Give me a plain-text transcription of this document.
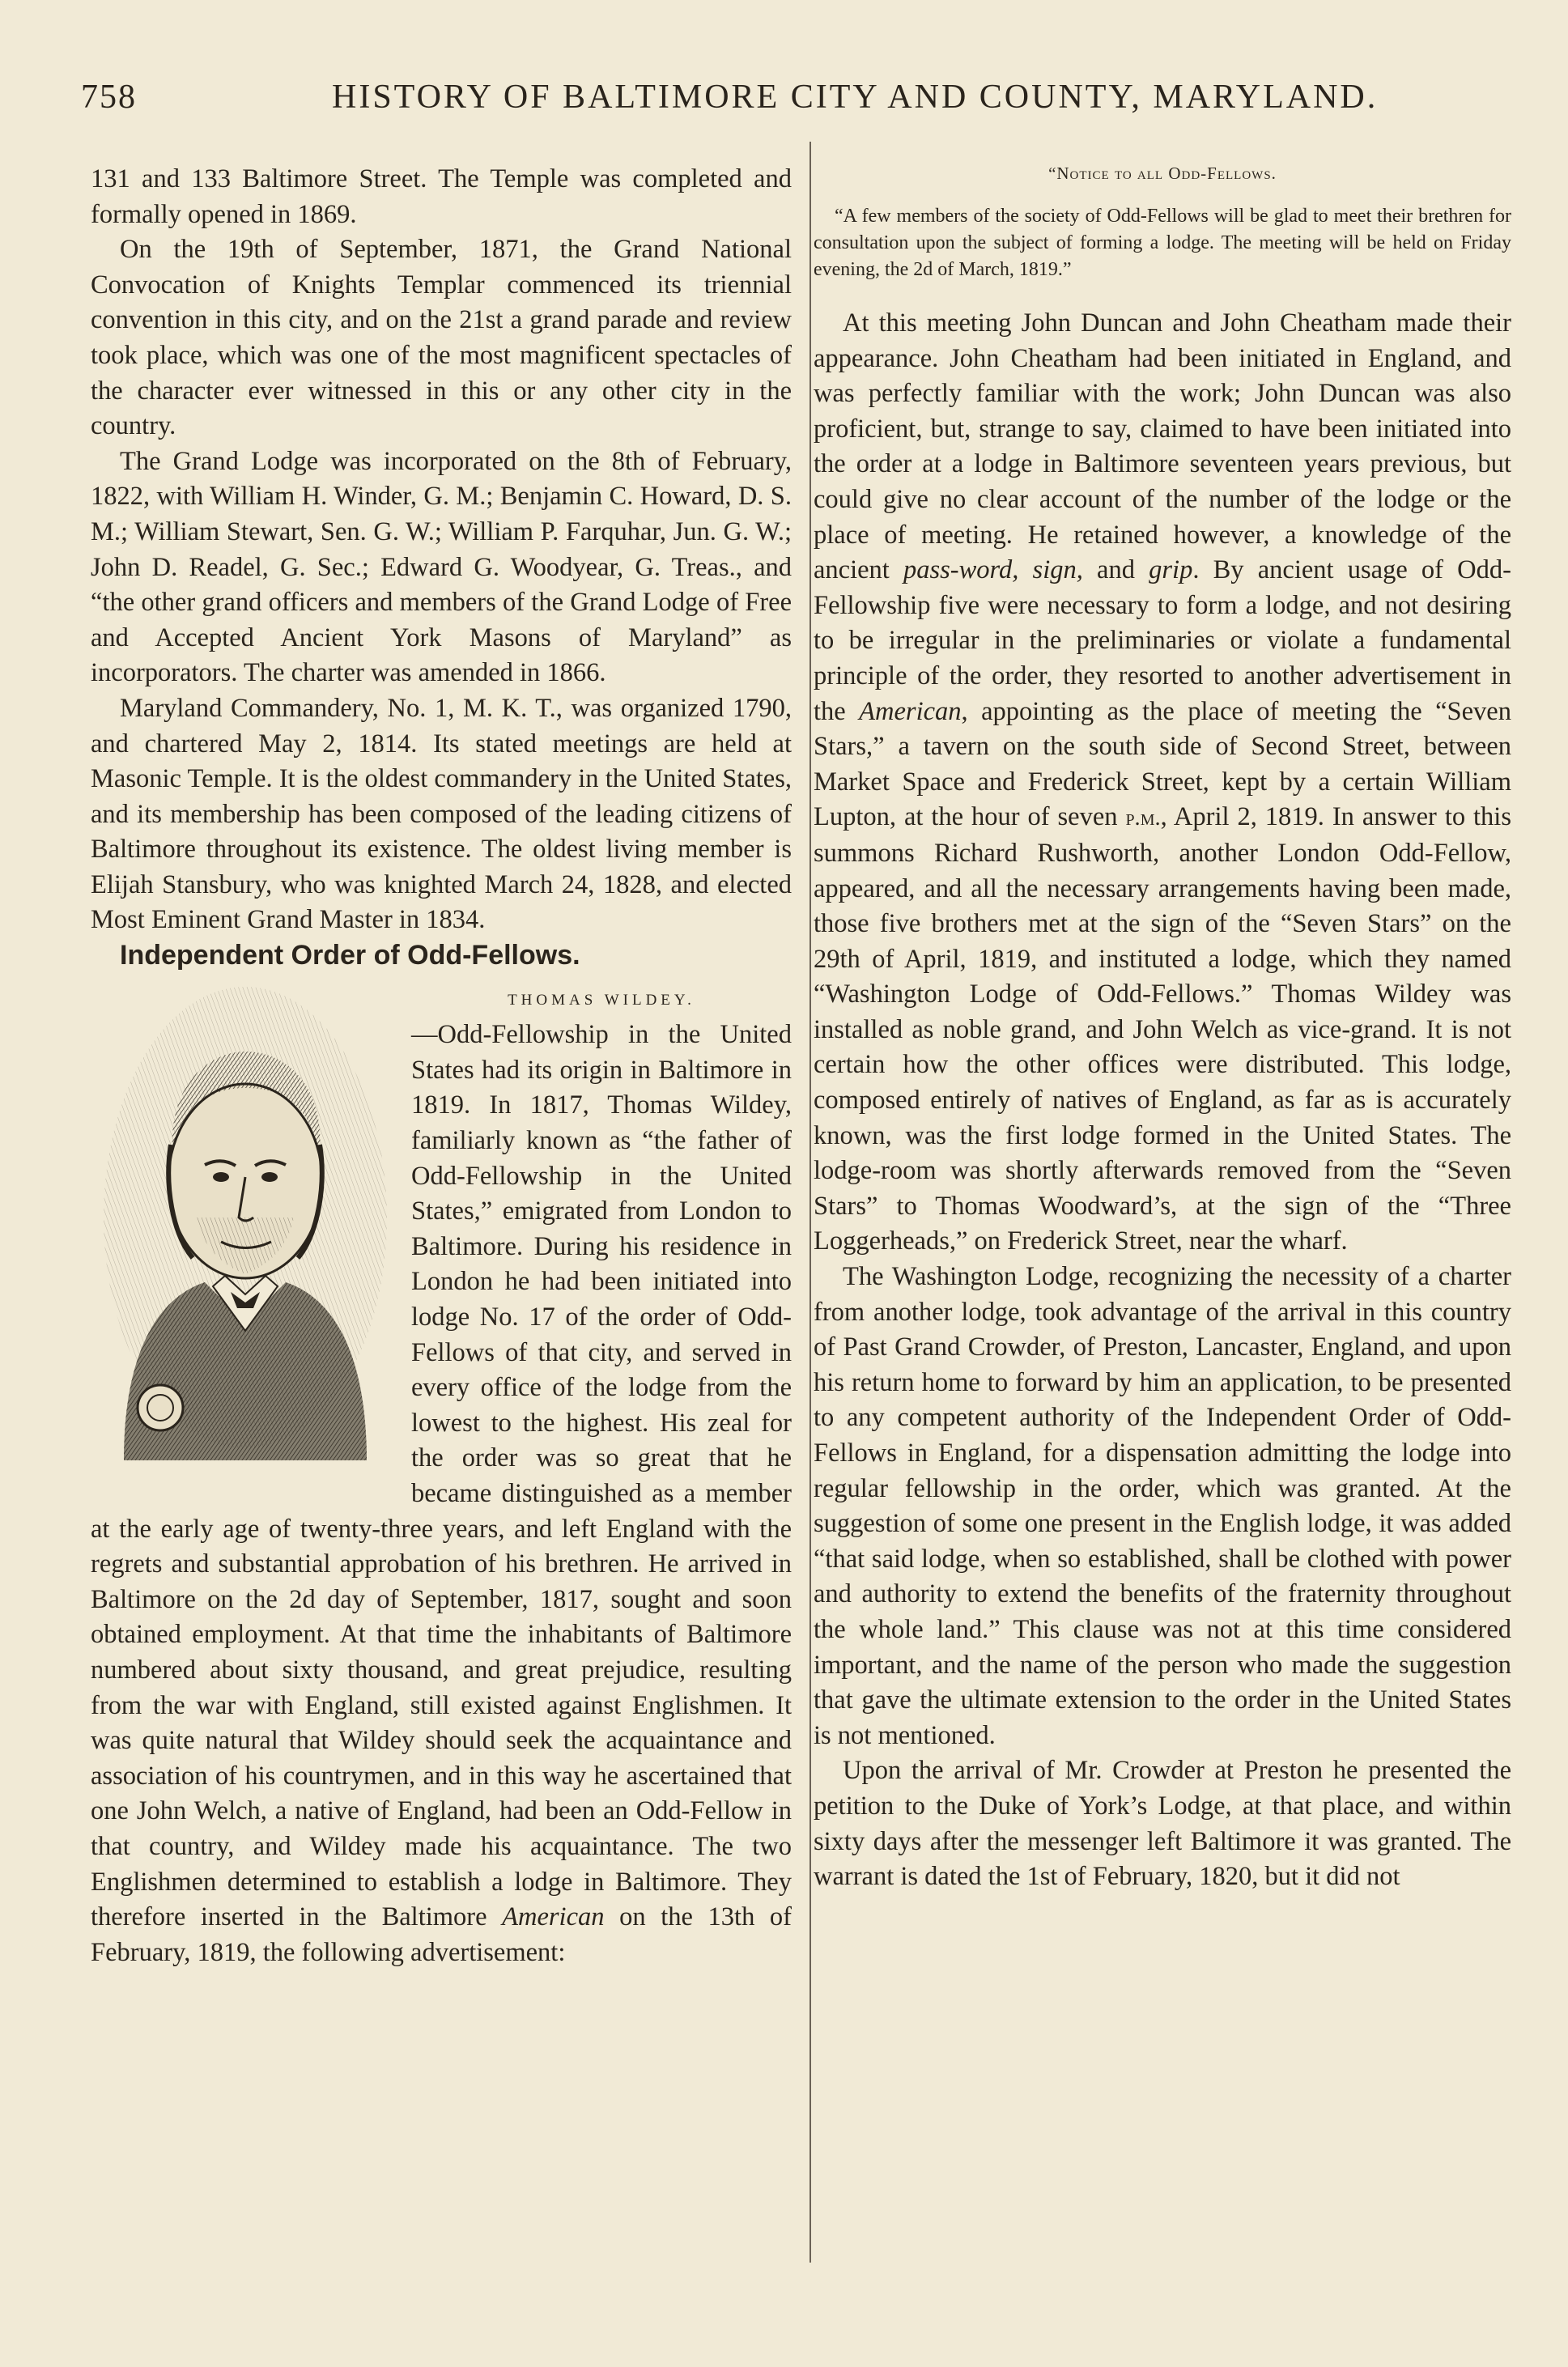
758	HISTORY OF BALTIMORE CITY AND COUNTY, MARYLAND.

131 and 133 Baltimore Street. The Temple was completed and formally opened in 1869.

On the 19th of September, 1871, the Grand National Convocation of Knights Templar commenced its triennial convention in this city, and on the 21st a grand parade and review took place, which was one of the most magnificent spectacles of the character ever witnessed in this or any other city in the country.

The Grand Lodge was incorporated on the 8th of February, 1822, with William H. Winder, G. M.; Benjamin C. Howard, D. S. M.; William Stewart, Sen. G. W.; William P. Farquhar, Jun. G. W.; John D. Readel, G. Sec.; Edward G. Woodyear, G. Treas., and “the other grand officers and members of the Grand Lodge of Free and Accepted Ancient York Masons of Maryland” as incorporators. The charter was amended in 1866.

Maryland Commandery, No. 1, M. K. T., was organized 1790, and chartered May 2, 1814. Its stated meetings are held at Masonic Temple. It is the oldest commandery in the United States, and its membership has been composed of the leading citizens of Baltimore throughout its existence. The oldest living member is Elijah Stansbury, who was knighted March 24, 1828, and elected Most Eminent Grand Master in 1834.

Independent Order of Odd-Fellows.

THOMAS WILDEY.
—Odd-Fellowship in the United States had its origin in Baltimore in 1819. In 1817, Thomas Wildey, familiarly known as “the father of Odd-Fellowship in the United States,” emigrated from London to Baltimore. During his residence in London he had been initiated into lodge No. 17 of the order of Odd-Fellows of that city, and served in every office of the lodge from the lowest to the highest. His zeal for the order was so great that he became distinguished as a member at the early age of twenty-three years, and left England with the regrets and substantial approbation of his brethren. He arrived in Baltimore on the 2d day of September, 1817, sought and soon obtained employment. At that time the inhabitants of Baltimore numbered about sixty thousand, and great prejudice, resulting from the war with England, still existed against Englishmen. It was quite natural that Wildey should seek the acquaintance and association of his countrymen, and in this way he ascertained that one John Welch, a native of England, had been an Odd-Fellow in that country, and Wildey made his acquaintance. The two Englishmen determined to establish a lodge in Baltimore. They therefore inserted in the Baltimore American on the 13th of February, 1819, the following advertisement:

“Notice to all Odd-Fellows.

“A few members of the society of Odd-Fellows will be glad to meet their brethren for consultation upon the subject of forming a lodge. The meeting will be held on Friday evening, the 2d of March, 1819.”

At this meeting John Duncan and John Cheatham made their appearance. John Cheatham had been initiated in England, and was perfectly familiar with the work; John Duncan was also proficient, but, strange to say, claimed to have been initiated into the order at a lodge in Baltimore seventeen years previous, but could give no clear account of the number of the lodge or the place of meeting. He retained however, a knowledge of the ancient pass-word, sign, and grip. By ancient usage of Odd-Fellowship five were necessary to form a lodge, and not desiring to be irregular in the preliminaries or violate a fundamental principle of the order, they resorted to another advertisement in the American, appointing as the place of meeting the “Seven Stars,” a tavern on the south side of Second Street, between Market Space and Frederick Street, kept by a certain William Lupton, at the hour of seven p.m., April 2, 1819. In answer to this summons Richard Rushworth, another London Odd-Fellow, appeared, and all the necessary arrangements having been made, those five brothers met at the sign of the “Seven Stars” on the 29th of April, 1819, and instituted a lodge, which they named “Washington Lodge of Odd-Fellows.” Thomas Wildey was installed as noble grand, and John Welch as vice-grand. It is not certain how the other offices were distributed. This lodge, composed entirely of natives of England, as far as is accurately known, was the first lodge formed in the United States. The lodge-room was shortly afterwards removed from the “Seven Stars” to Thomas Woodward’s, at the sign of the “Three Loggerheads,” on Frederick Street, near the wharf.

The Washington Lodge, recognizing the necessity of a charter from another lodge, took advantage of the arrival in this country of Past Grand Crowder, of Preston, Lancaster, England, and upon his return home to forward by him an application, to be presented to any competent authority of the Independent Order of Odd-Fellows in England, for a dispensation admitting the lodge into regular fellowship in the order, which was granted. At the suggestion of some one present in the English lodge, it was added “that said lodge, when so established, shall be clothed with power and authority to extend the benefits of the fraternity throughout the whole land.” This clause was not at this time considered important, and the name of the person who made the suggestion that gave the ultimate extension to the order in the United States is not mentioned.

Upon the arrival of Mr. Crowder at Preston he presented the petition to the Duke of York’s Lodge, at that place, and within sixty days after the messenger left Baltimore it was granted. The warrant is dated the 1st of February, 1820, but it did not
